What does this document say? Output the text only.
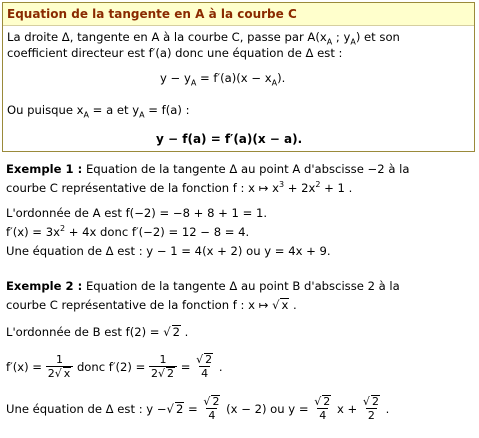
Equation de la tangente en A à la courbe C
La droite Δ, tangente en A à la courbe C, passe par $A(x_A$ ; $y_A$) et son
coefficient directeur est f′(a) donc une équation de Δ est :
$y - y_A = f'(a)(x - x_A)$.
Ou puisque $x_A = a$ et $y_A = f(a)$ :
y − f(a) = f′(a)(x − a).
Exemple 1 : Equation de la tangente Δ au point A d'abscisse −2 à la
courbe C représentative de la fonction f : x ↦ $x^3 + 2x^2 + 1$ .
L'ordonnée de A est f(−2) = −8 + 8 + 1 = 1.
$f'(x) = 3x^2 + 4x$ donc f′(−2) = 12 − 8 = 4.
Une équation de Δ est : y − 1 = 4(x + 2) ou y = 4x + 9.
Exemple 2 : Equation de la tangente Δ au point B d'abscisse 2 à la
courbe C représentative de la fonction f : x ↦ √ x .
L'ordonnée de B est f(2) = √ 2 .
$f'(x) = \frac{1}{2√ x}$ donc $f'(2) = \frac{1}{2√ 2} = \frac{√ 2}{4}$ .
Une équation de Δ est : y −√ $2 = \frac{√ 2}{4} (x - 2)$ ou $y = \frac{√ 2}{4}$ $x + \frac{√ 2}{2}$ .
